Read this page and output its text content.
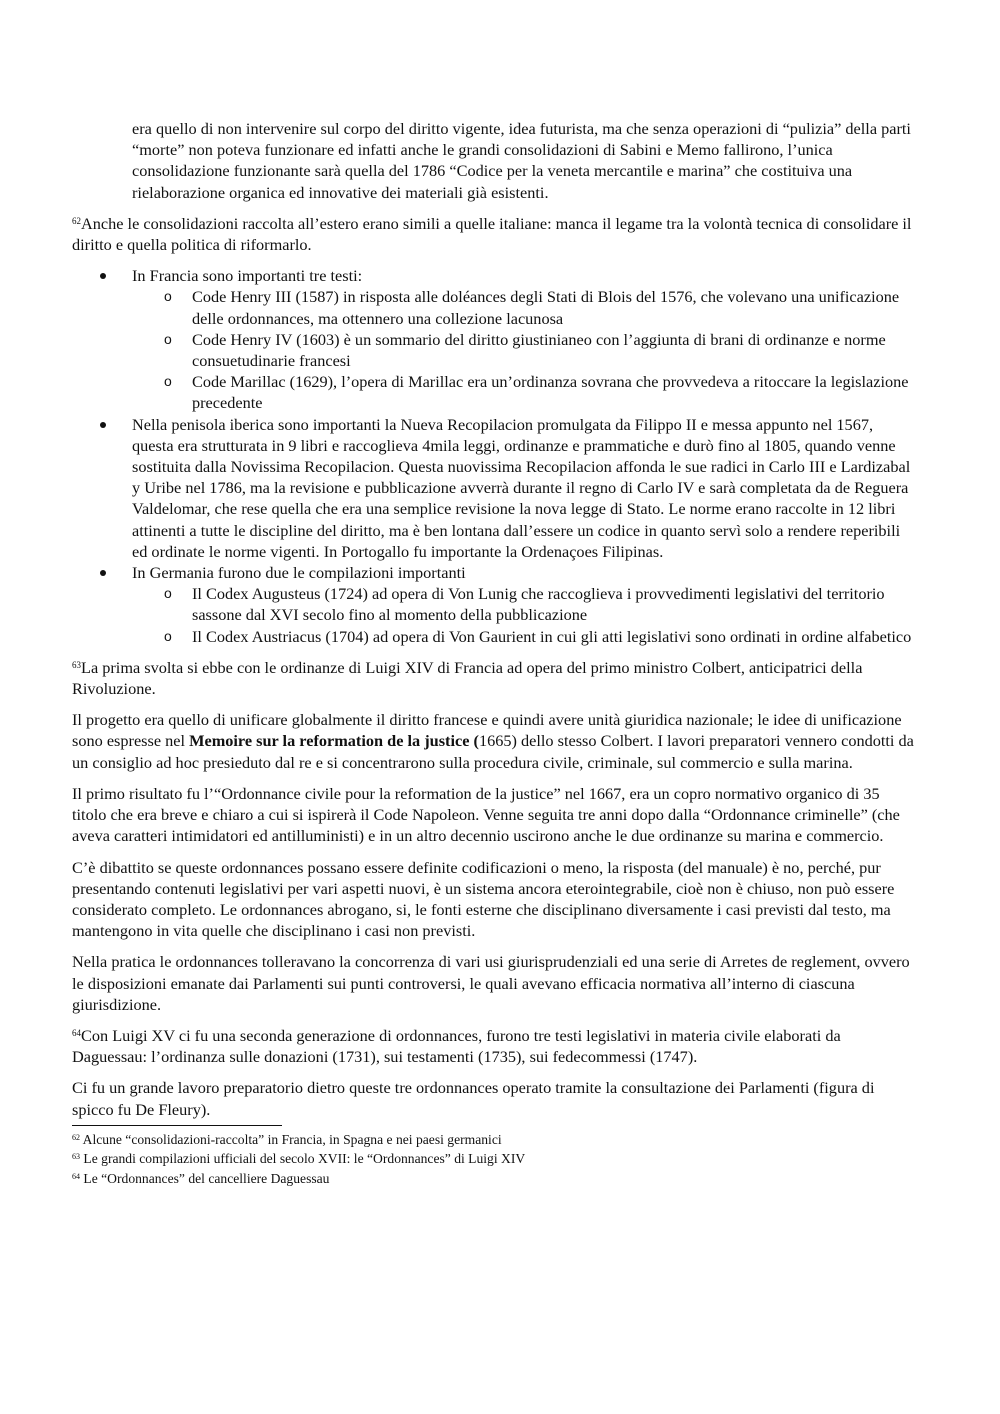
era quello di non intervenire sul corpo del diritto vigente, idea futurista, ma che senza operazioni di “pulizia” della parti “morte” non poteva funzionare ed infatti anche le grandi consolidazioni di Sabini e Memo fallirono, l’unica consolidazione funzionante sarà quella del 1786 “Codice per la veneta mercantile e marina” che costituiva una rielaborazione organica ed innovative dei materiali già esistenti.

$^{62}$Anche le consolidazioni raccolta all’estero erano simili a quelle italiane: manca il legame tra la volontà tecnica di consolidare il diritto e quella politica di riformarlo.

In Francia sono importanti tre testi:
o Code Henry III (1587) in risposta alle doléances degli Stati di Blois del 1576, che volevano una unificazione delle ordonnances, ma ottennero una collezione lacunosa
o Code Henry IV (1603) è un sommario del diritto giustinianeo con l’aggiunta di brani di ordinanze e norme consuetudinarie francesi
o Code Marillac (1629), l’opera di Marillac era un’ordinanza sovrana che provvedeva a ritoccare la legislazione precedente
Nella penisola iberica sono importanti la Nueva Recopilacion promulgata da Filippo II e messa appunto nel 1567, questa era strutturata in 9 libri e raccoglieva 4mila leggi, ordinanze e prammatiche e durò fino al 1805, quando venne sostituita dalla Novissima Recopilacion. Questa nuovissima Recopilacion affonda le sue radici in Carlo III e Lardizabal y Uribe nel 1786, ma la revisione e pubblicazione avverrà durante il regno di Carlo IV e sarà completata da de Reguera Valdelomar, che rese quella che era una semplice revisione la nova legge di Stato. Le norme erano raccolte in 12 libri attinenti a tutte le discipline del diritto, ma è ben lontana dall’essere un codice in quanto servì solo a rendere reperibili ed ordinate le norme vigenti. In Portogallo fu importante la Ordenaçoes Filipinas.
In Germania furono due le compilazioni importanti
o Il Codex Augusteus (1724) ad opera di Von Lunig che raccoglieva i provvedimenti legislativi del territorio sassone dal XVI secolo fino al momento della pubblicazione
o Il Codex Austriacus (1704) ad opera di Von Gaurient in cui gli atti legislativi sono ordinati in ordine alfabetico

$^{63}$La prima svolta si ebbe con le ordinanze di Luigi XIV di Francia ad opera del primo ministro Colbert, anticipatrici della Rivoluzione.

Il progetto era quello di unificare globalmente il diritto francese e quindi avere unità giuridica nazionale; le idee di unificazione sono espresse nel Memoire sur la reformation de la justice (1665) dello stesso Colbert. I lavori preparatori vennero condotti da un consiglio ad hoc presieduto dal re e si concentrarono sulla procedura civile, criminale, sul commercio e sulla marina.

Il primo risultato fu l’“Ordonnance civile pour la reformation de la justice” nel 1667, era un copro normativo organico di 35 titolo che era breve e chiaro a cui si ispirerà il Code Napoleon. Venne seguita tre anni dopo dalla “Ordonnance criminelle” (che aveva caratteri intimidatori ed antilluministi) e in un altro decennio uscirono anche le due ordinanze su marina e commercio.

C’è dibattito se queste ordonnances possano essere definite codificazioni o meno, la risposta (del manuale) è no, perché, pur presentando contenuti legislativi per vari aspetti nuovi, è un sistema ancora eterointegrabile, cioè non è chiuso, non può essere considerato completo. Le ordonnances abrogano, si, le fonti esterne che disciplinano diversamente i casi previsti dal testo, ma mantengono in vita quelle che disciplinano i casi non previsti.

Nella pratica le ordonnances tolleravano la concorrenza di vari usi giurisprudenziali ed una serie di Arretes de reglement, ovvero le disposizioni emanate dai Parlamenti sui punti controversi, le quali avevano efficacia normativa all’interno di ciascuna giurisdizione.

$^{64}$Con Luigi XV ci fu una seconda generazione di ordonnances, furono tre testi legislativi in materia civile elaborati da Daguessau: l’ordinanza sulle donazioni (1731), sui testamenti (1735), sui fedecommessi (1747).

Ci fu un grande lavoro preparatorio dietro queste tre ordonnances operato tramite la consultazione dei Parlamenti (figura di spicco fu De Fleury).

$^{62}$ Alcune “consolidazioni-raccolta” in Francia, in Spagna e nei paesi germanici
$^{63}$ Le grandi compilazioni ufficiali del secolo XVII: le “Ordonnances” di Luigi XIV
$^{64}$ Le “Ordonnances” del cancelliere Daguessau
